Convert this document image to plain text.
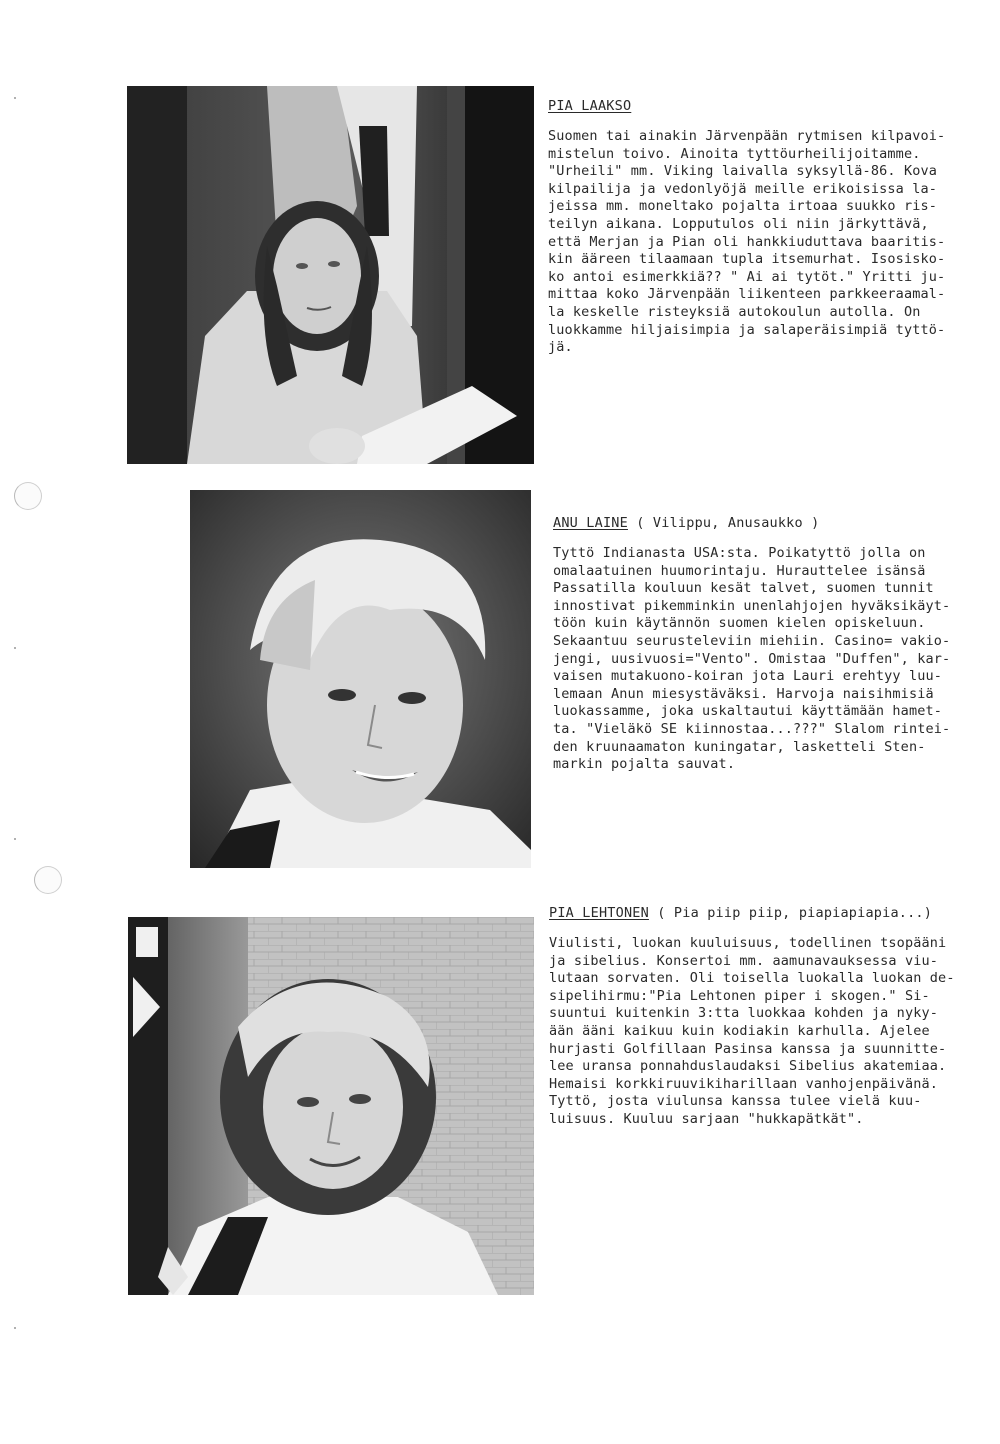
PIA LAAKSO
Suomen tai ainakin Järvenpään rytmisen kilpavoi-
mistelun toivo. Ainoita tyttöurheilijoitamme.
"Urheili" mm. Viking laivalla syksyllä-86. Kova
kilpailija ja vedonlyöjä meille erikoisissa la-
jeissa mm. moneltako pojalta irtoaa suukko ris-
teilyn aikana. Lopputulos oli niin järkyttävä,
että Merjan ja Pian oli hankkiuduttava baaritis-
kin ääreen tilaamaan tupla itsemurhat. Isosisko-
ko antoi esimerkkiä?? " Ai ai tytöt." Yritti ju-
mittaa koko Järvenpään liikenteen parkkeeraamal-
la keskelle risteyksiä autokoulun autolla. On
luokkamme hiljaisimpia ja salaperäisimpiä tyttö-
jä.
ANU LAINE ( Vilippu, Anusaukko )
Tyttö Indianasta USA:sta. Poikatyttö jolla on
omalaatuinen huumorintaju. Hurauttelee isänsä
Passatilla kouluun kesät talvet, suomen tunnit
innostivat pikemminkin unenlahjojen hyväksikäyt-
töön kuin käytännön suomen kielen opiskeluun.
Sekaantuu seurusteleviin miehiin. Casino= vakio-
jengi, uusivuosi="Vento". Omistaa "Duffen", kar-
vaisen mutakuono-koiran jota Lauri erehtyy luu-
lemaan Anun miesystäväksi. Harvoja naisihmisiä
luokassamme, joka uskaltautui käyttämään hamet-
ta. "Vieläkö SE kiinnostaa...???" Slalom rintei-
den kruunaamaton kuningatar, lasketteli Sten-
markin pojalta sauvat.
PIA LEHTONEN ( Pia piip piip, piapiapiapia...)
Viulisti, luokan kuuluisuus, todellinen tsopääni
ja sibelius. Konsertoi mm. aamunavauksessa viu-
lutaan sorvaten. Oli toisella luokalla luokan de-
sipelihirmu:"Pia Lehtonen piper i skogen." Si-
suuntui kuitenkin 3:tta luokkaa kohden ja nyky-
ään ääni kaikuu kuin kodiakin karhulla. Ajelee
hurjasti Golfillaan Pasinsa kanssa ja suunnitte-
lee uransa ponnahduslaudaksi Sibelius akatemiaa.
Hemaisi korkkiruuvikiharillaan vanhojenpäivänä.
Tyttö, josta viulunsa kanssa tulee vielä kuu-
luisuus. Kuuluu sarjaan "hukkapätkät".
